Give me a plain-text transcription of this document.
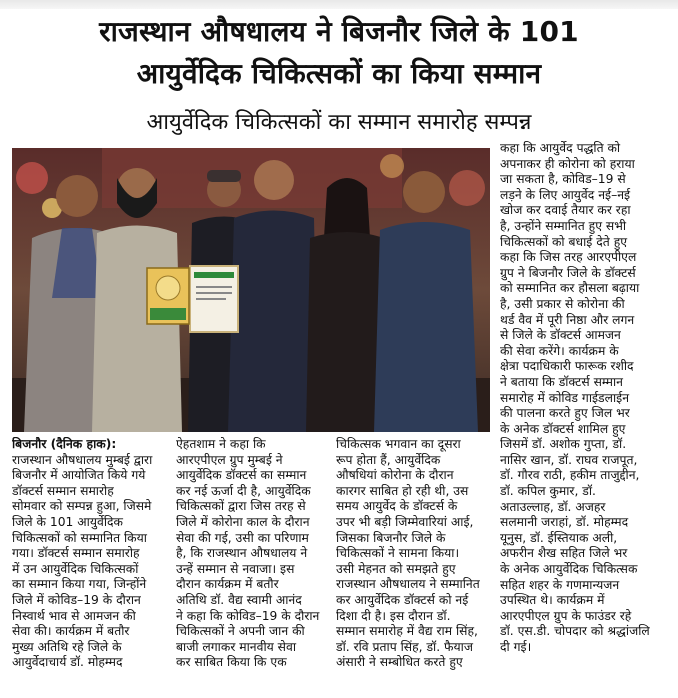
राजस्थान औषधालय ने बिजनौर जिले के 101
आयुर्वेदिक चिकित्सकों का किया सम्मान
आयुर्वेदिक चिकित्सकों का सम्मान समारोह सम्पन्न
बिजनौर (दैनिक हाक):
राजस्थान औषधालय मुम्बई द्वारा
बिजनौर में आयोजित किये गये
डॉक्टर्स सम्मान समारोह
सोमवार को सम्पन्न हुआ, जिसमे
जिले के 101 आयुर्वेदिक
चिकित्सकों को सम्मानित किया
गया। डॉक्टर्स सम्मान समारोह
में उन आयुर्वेदिक चिकित्सकों
का सम्मान किया गया, जिन्होंने
जिले में कोविड–19 के दौरान
निस्वार्थ भाव से आमजन की
सेवा की। कार्यक्रम में बतौर
मुख्य अतिथि रहे जिले के
आयुर्वेदाचार्य डॉ. मोहम्मद
ऐहतशाम ने कहा कि
आरएपीएल ग्रुप मुम्बई ने
आयुर्वेदिक डॉक्टर्स का सम्मान
कर नई ऊर्जा दी है, आयुर्वेदिक
चिकित्सकों द्वारा जिस तरह से
जिले में कोरोना काल के दौरान
सेवा की गई, उसी का परिणाम
है, कि राजस्थान औषधालय ने
उन्हें सम्मान से नवाजा। इस
दौरान कार्यक्रम में बतौर
अतिथि डॉ. वैद्य स्वामी आनंद
ने कहा कि कोविड–19 के दौरान
चिकित्सकों ने अपनी जान की
बाजी लगाकर मानवीय सेवा
कर साबित किया कि एक
चिकित्सक भगवान का दूसरा
रूप होता हैं, आयुर्वेदिक
औषधियां कोरोना के दौरान
कारगर साबित हो रही थी, उस
समय आयुर्वेद के डॉक्टर्स के
उपर भी बड़ी जिम्मेवारियां आई,
जिसका बिजनौर जिले के
चिकित्सकों ने सामना किया।
उसी मेहनत को समझते हुए
राजस्थान औषधालय ने सम्मानित
कर आयुर्वेदिक डॉक्टर्स को नई
दिशा दी है। इस दौरान डॉ.
सम्मान समारोह में वैद्य राम सिंह,
डॉ. रवि प्रताप सिंह, डॉ. फैयाज
अंसारी ने सम्बोधित करते हुए
कहा कि आयुर्वेद पद्धति को
अपनाकर ही कोरोना को हराया
जा सकता है, कोविड–19 से
लड़ने के लिए आयुर्वेद नई–नई
खोज कर दवाई तैयार कर रहा
है, उन्होंने सम्मानित हुए सभी
चिकित्सकों को बधाई देते हुए
कहा कि जिस तरह आरएपीएल
ग्रुप ने बिजनौर जिले के डॉक्टर्स
को सम्मानित कर हौसला बढ़ाया
है, उसी प्रकार से कोरोना की
थर्ड वैव में पूरी निष्ठा और लगन
से जिले के डॉक्टर्स आमजन
की सेवा करेंगे। कार्यक्रम के
क्षेत्रा पदाधिकारी फारूक रशीद
ने बताया कि डॉक्टर्स सम्मान
समारोह में कोविड गाईडलाईन
की पालना करते हुए जिल भर
के अनेक डॉक्टर्स शामिल हुए
जिसमें डॉ. अशोक गुप्ता, डॉ.
नासिर खान, डॉ. राघव राजपूत,
डॉ. गौरव राठी, हकीम ताजुद्दीन,
डॉ. कपिल कुमार, डॉ.
अताउल्लाह, डॉ. अजहर
सलमानी जराहां, डॉ. मोहम्मद
यूनुस, डॉ. ईस्तियाक अली,
अफरीन शैख सहित जिले भर
के अनेक आयुर्वेदिक चिकित्सक
सहित शहर के गणमान्यजन
उपस्थित थे। कार्यक्रम में
आरएपीएल ग्रुप के फाउंडर रहे
डॉ. एस.डी. चोपदार को श्रद्धांजलि
दी गई।
